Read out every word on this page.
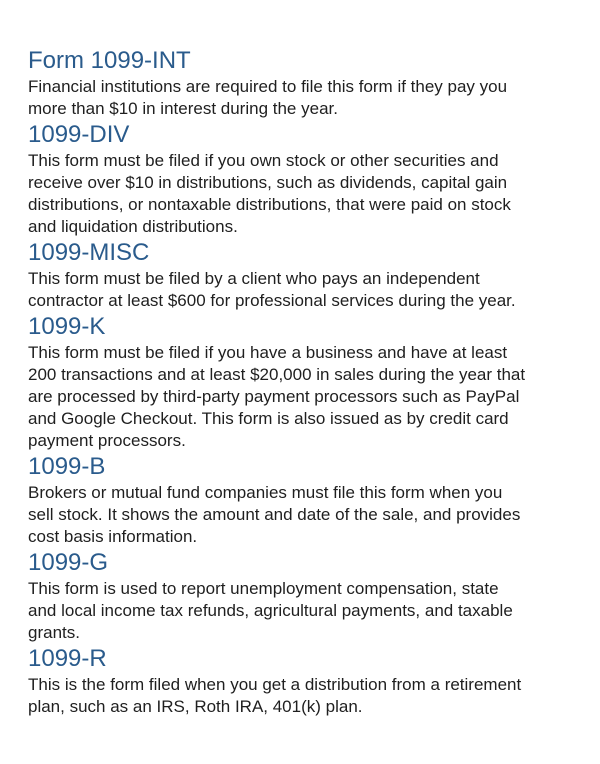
Form 1099-INT

Financial institutions are required to file this form if they pay you
more than $10 in interest during the year.

1099-DIV

This form must be filed if you own stock or other securities and
receive over $10 in distributions, such as dividends, capital gain
distributions, or nontaxable distributions, that were paid on stock
and liquidation distributions.

1099-MISC

This form must be filed by a client who pays an independent
contractor at least $600 for professional services during the year.

1099-K

This form must be filed if you have a business and have at least
200 transactions and at least $20,000 in sales during the year that
are processed by third-party payment processors such as PayPal
and Google Checkout. This form is also issued as by credit card
payment processors.

1099-B

Brokers or mutual fund companies must file this form when you
sell stock. It shows the amount and date of the sale, and provides
cost basis information.

1099-G

This form is used to report unemployment compensation, state
and local income tax refunds, agricultural payments, and taxable
grants.

1099-R

This is the form filed when you get a distribution from a retirement
plan, such as an IRS, Roth IRA, 401(k) plan.
